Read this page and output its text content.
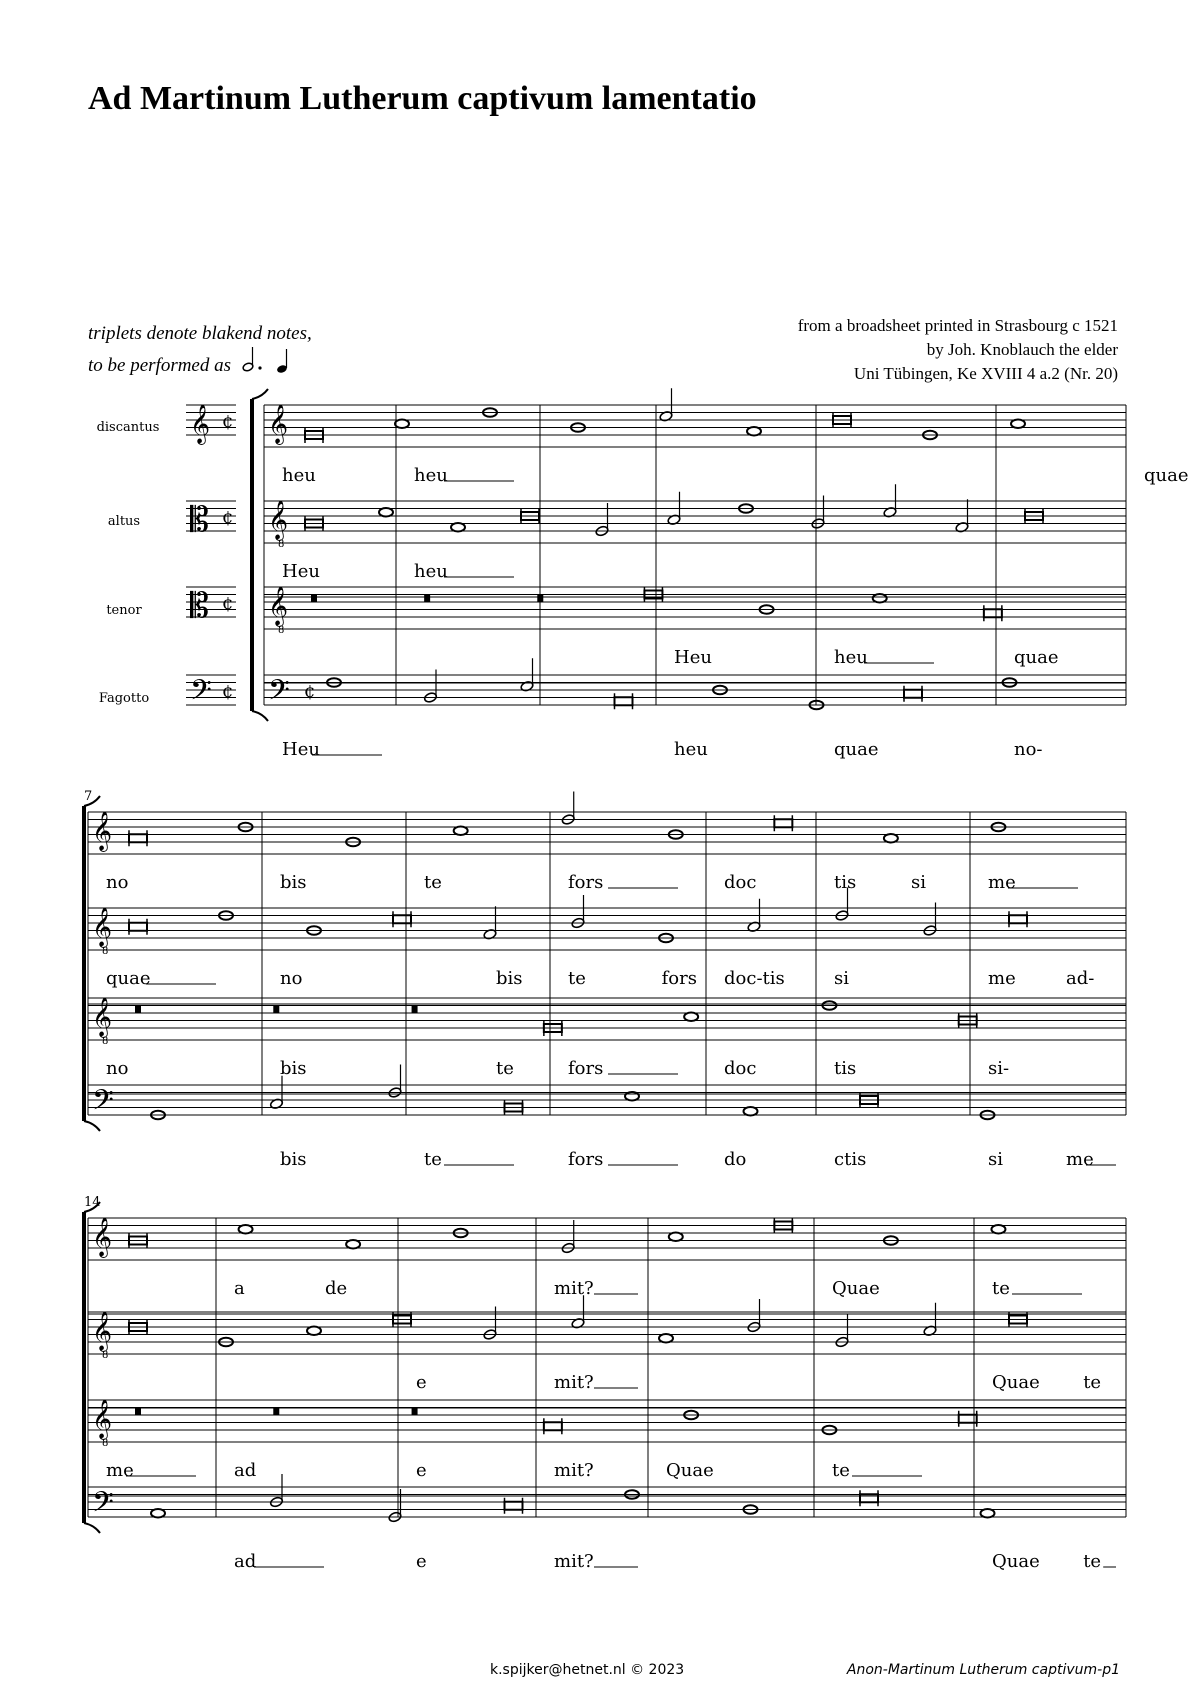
Ad Martinum Lutherum captivum lamentatio
triplets denote blakend notes,
to be performed as
from a broadsheet printed in Strasbourg c 1521
by Joh. Knoblauch the elder
Uni Tübingen, Ke XVIII 4 a.2 (Nr. 20)
discantus
altus
tenor
Fagotto
𝄞 ¢
𝄡 ¢
𝄡 ¢
𝄢 ¢
𝄞
heu	heu	quae
𝄞
8
Heu	heu
𝄞
8
Heu	heu	quae
𝄢 ¢
Heu	heu	quae	no-
7
𝄞
no	bis	te	fors	doc	tis	si	me
𝄞
8
quae	no	bis	te	fors doc-tis	si	me	ad-
𝄞
8
no	bis	te	fors	doc	tis	si-
𝄢
bis	te	fors	do	ctis	si	me
14
𝄞
a	de	mit?	Quae	te
𝄞
8
e	mit?	Quae te
𝄞
8
me	ad	e	mit?	Quae	te
𝄢
ad	e	mit?	Quae te
k.spijker@hetnet.nl © 2023	Anon-Martinum Lutherum captivum-p1
